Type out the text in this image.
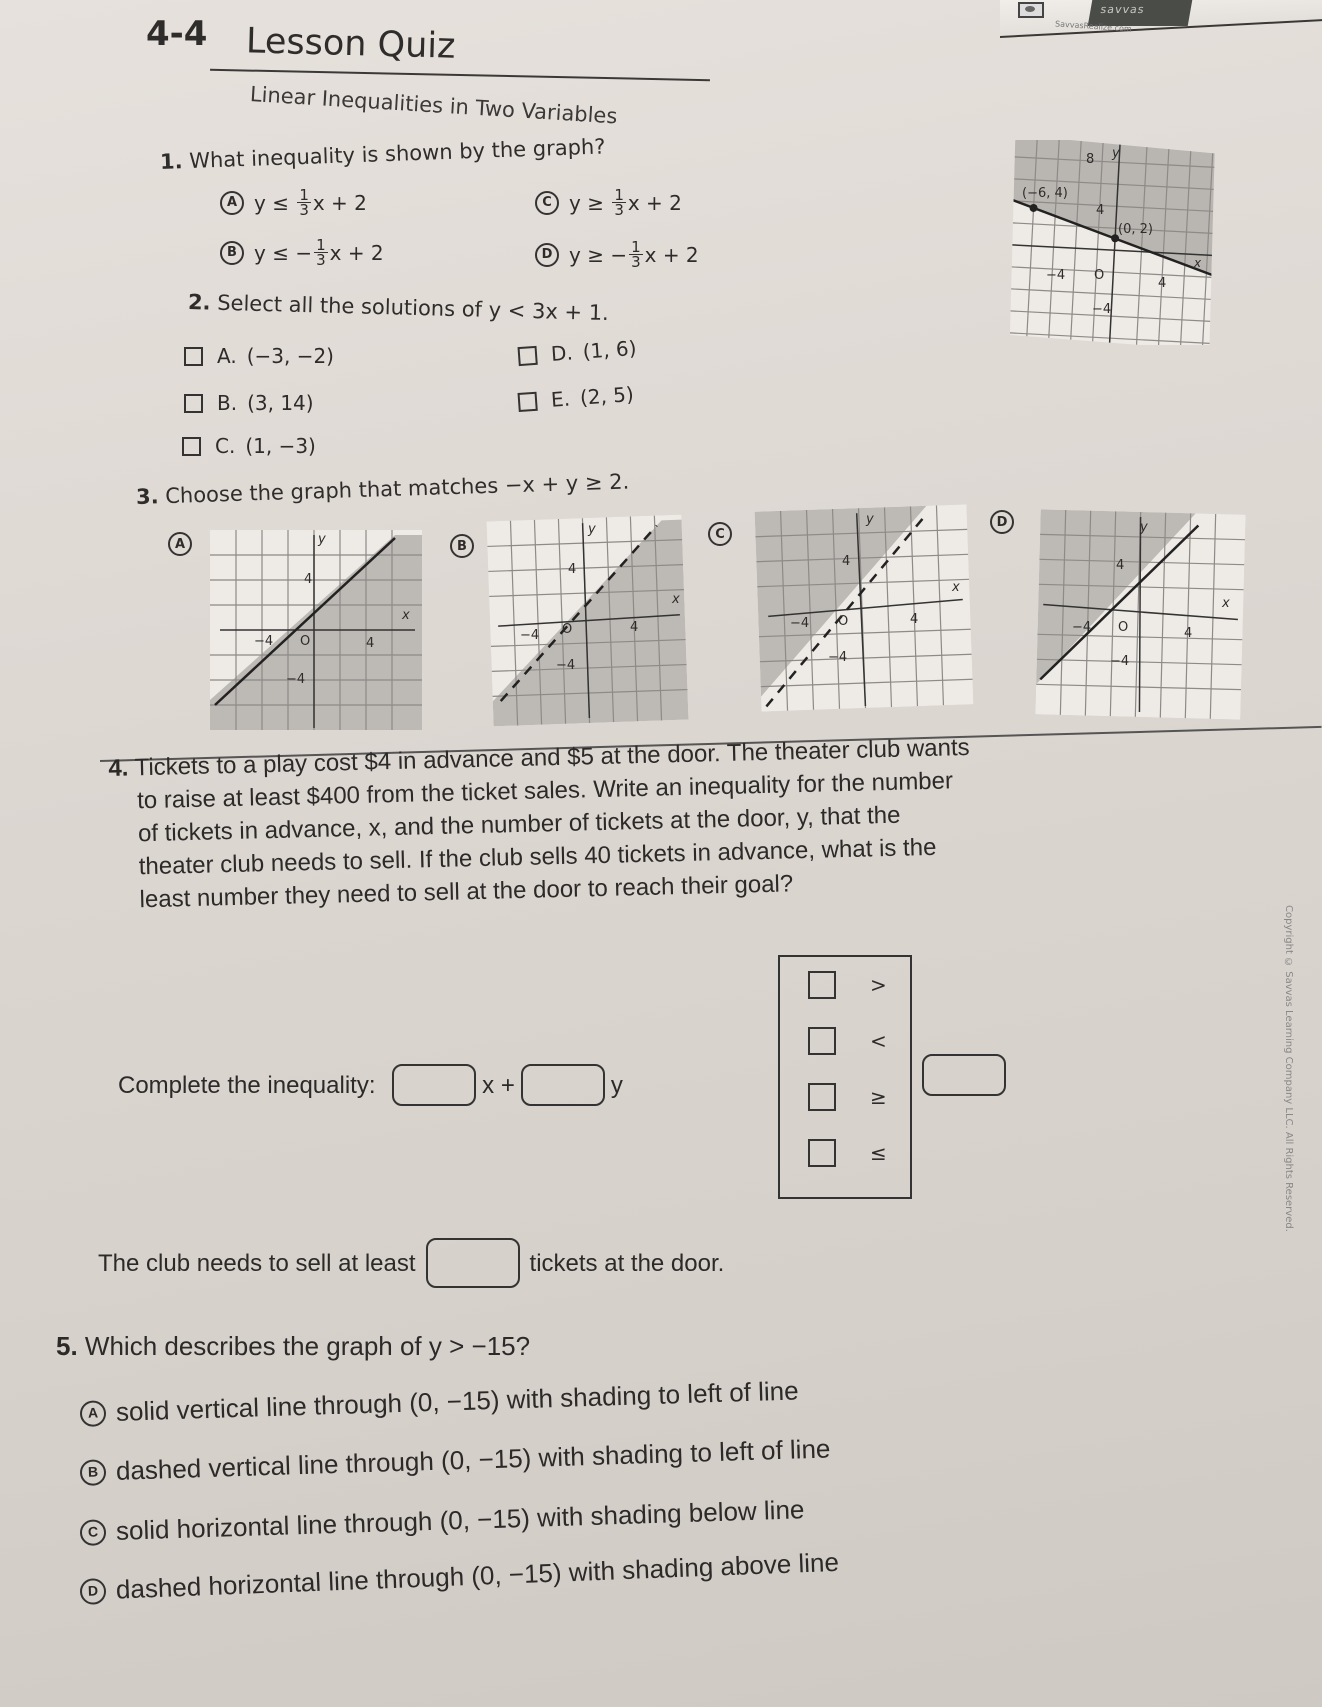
savvas
SavvasRealize.com
4-4 Lesson Quiz
Linear Inequalities in Two Variables
1. What inequality is shown by the graph?
A y ≤
$\frac{1}{3}$ x + 2
B y ≤
− $\frac{1}{3}$ x + 2
C y ≥
$\frac{1}{3}$ x + 2
D y ≥
− $\frac{1}{3}$ x + 2
8 y
(−6, 4)
4
(0, 2)
x
−4 O
4
−4
2. Select all the solutions of y < 3x + 1.
A. (−3, −2)
B. (3, 14)
C. (1, −3)
D. (1, 6)
E. (2, 5)
3. Choose the graph that matches −x + y ≥ 2.
A	y
4
x
−4 O	4
−4
B
y
4
x
−4 O	4
−4
C
y
4
x
−4 O	4
−4
D	y
4
x
−4 O	4
−4
4. Tickets to a play cost $4 in advance and $5 at the door. The theater club wants
to raise at least $400 from the ticket sales. Write an inequality for the number
of tickets in advance, x, and the number of tickets at the door, y, that the
theater club needs to sell. If the club sells 40 tickets in advance, what is the
least number they need to sell at the door to reach their goal?
Complete the inequality:
	x +	y
>
<
≥
≤
The club needs to sell at least	tickets at the door.
5. Which describes the graph of y > −15?
A solid vertical line through (0, −15) with shading to left of line
B dashed vertical line through (0, −15) with shading to left of line
C solid horizontal line through (0, −15) with shading below line
D dashed horizontal line through (0, −15) with shading above line
Copyright © Savvas Learning Company LLC. All Rights Reserved.
